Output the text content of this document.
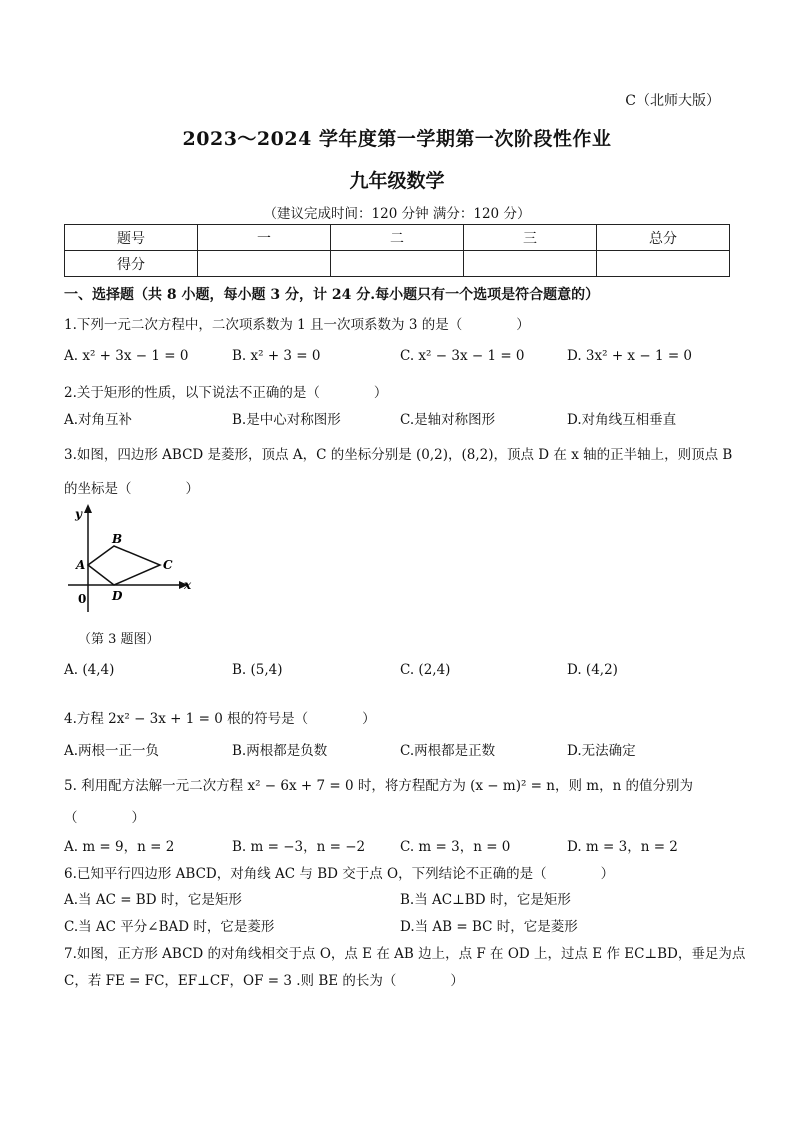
C（北师大版）
2023～2024 学年度第一学期第一次阶段性作业
九年级数学
（建议完成时间：120 分钟 满分：120 分）
题号	一	二	三	总分
得分				
一、选择题（共 8 小题，每小题 3 分，计 24 分.每小题只有一个选项是符合题意的）
1.下列一元二次方程中，二次项系数为 1 且一次项系数为 3 的是（　　　　）
A. x² + 3x − 1 = 0	B. x² + 3 = 0	C. x² − 3x − 1 = 0	D. 3x² + x − 1 = 0
2.关于矩形的性质，以下说法不正确的是（　　　　）
A.对角互补	B.是中心对称图形	C.是轴对称图形	D.对角线互相垂直
3.如图，四边形 ABCD 是菱形，顶点 A，C 的坐标分别是 (0,2)，(8,2)，顶点 D 在 x 轴的正半轴上，则顶点 B
的坐标是（　　　　）
y
x
0
A
B
C
D
（第 3 题图）
A. (4,4)	B. (5,4)	C. (2,4)	D. (4,2)
4.方程 2x² − 3x + 1 = 0 根的符号是（　　　　）
A.两根一正一负	B.两根都是负数	C.两根都是正数	D.无法确定
5. 利用配方法解一元二次方程 x² − 6x + 7 = 0 时，将方程配方为 (x − m)² = n，则 m，n 的值分别为
（　　　　）
A. m = 9，n = 2	B. m = −3，n = −2	C. m = 3，n = 0	D. m = 3，n = 2
6.已知平行四边形 ABCD，对角线 AC 与 BD 交于点 O，下列结论不正确的是（　　　　）
A.当 AC = BD 时，它是矩形	B.当 AC⊥BD 时，它是矩形
C.当 AC 平分∠BAD 时，它是菱形	D.当 AB = BC 时，它是菱形
7.如图，正方形 ABCD 的对角线相交于点 O，点 E 在 AB 边上，点 F 在 OD 上，过点 E 作 EC⊥BD，垂足为点
C，若 FE = FC，EF⊥CF，OF = 3 .则 BE 的长为（　　　　）
